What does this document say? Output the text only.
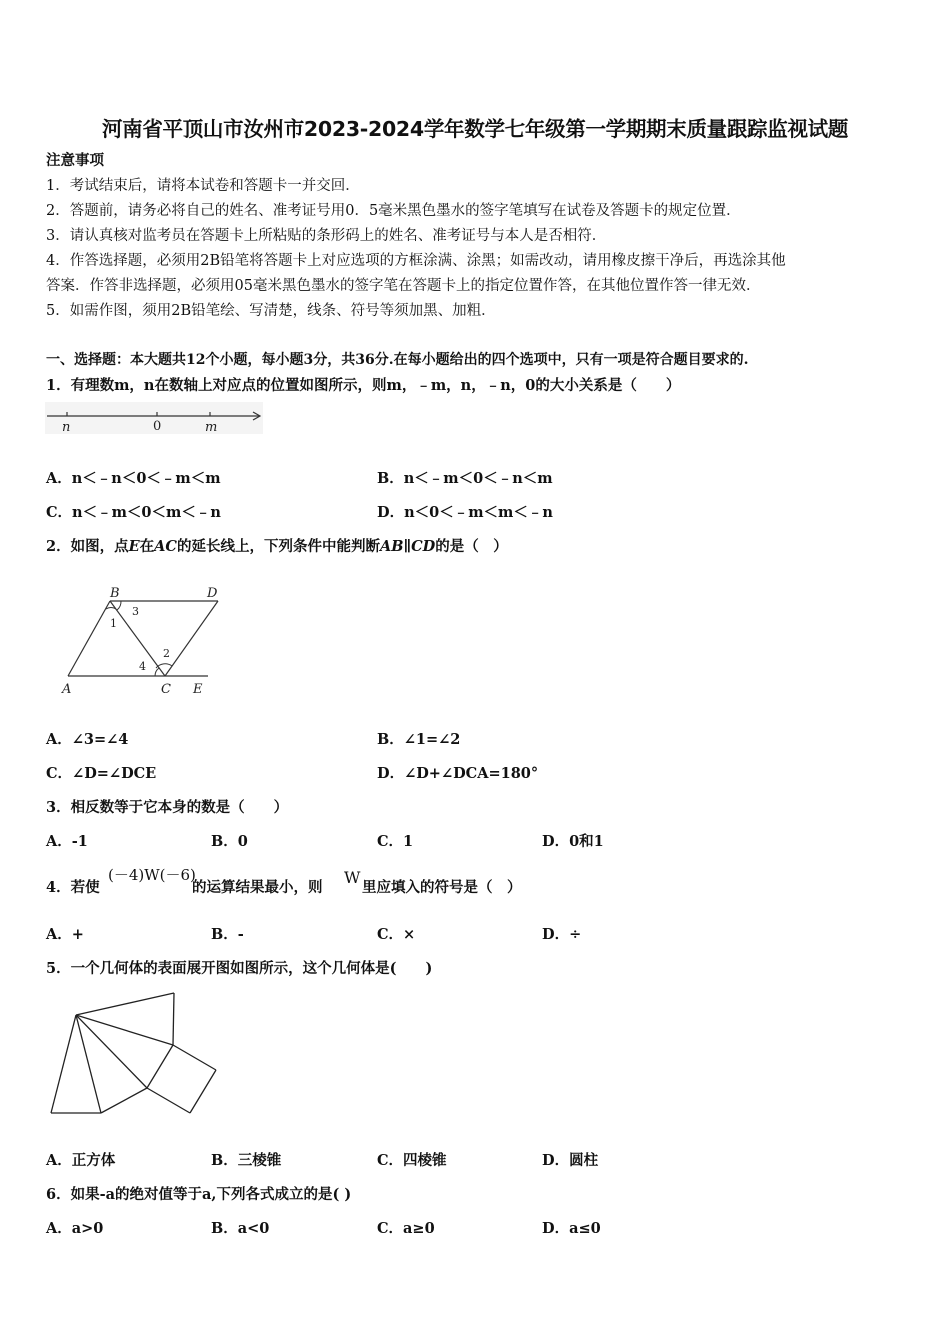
河南省平顶山市汝州市2023-2024学年数学七年级第一学期期末质量跟踪监视试题
注意事项
1．考试结束后，请将本试卷和答题卡一并交回．
2．答题前，请务必将自己的姓名、准考证号用0．5毫米黑色墨水的签字笔填写在试卷及答题卡的规定位置．
3．请认真核对监考员在答题卡上所粘贴的条形码上的姓名、准考证号与本人是否相符．
4．作答选择题，必须用2B铅笔将答题卡上对应选项的方框涂满、涂黑；如需改动，请用橡皮擦干净后，再选涂其他
答案．作答非选择题，必须用05毫米黑色墨水的签字笔在答题卡上的指定位置作答，在其他位置作答一律无效．
5．如需作图，须用2B铅笔绘、写清楚，线条、符号等须加黑、加粗．
一、选择题：本大题共12个小题，每小题3分，共36分.在每小题给出的四个选项中，只有一项是符合题目要求的.
1．有理数m，n在数轴上对应点的位置如图所示，则m，﹣m，n，﹣n，0的大小关系是（　　）
n	0	m
A．n＜﹣n＜0＜﹣m＜m	B．n＜﹣m＜0＜﹣n＜m
C．n＜﹣m＜0＜m＜﹣n	D．n＜0＜﹣m＜m＜﹣n
2．如图，点E在AC的延长线上，下列条件中能判断AB∥CD的是（　）
B	D
A	C E
3
1
2
4
A．∠3=∠4	B．∠1=∠2
C．∠D=∠DCE	D．∠D+∠DCA=180°
3．相反数等于它本身的数是（　　）
A．-1	B．0	C．1	D．0和1
4．若使
(－4)W(－6)
的运算结果最小，则
W
里应填入的符号是（　）
A．+	B．-	C．×	D．÷
5．一个几何体的表面展开图如图所示，这个几何体是(　　)
A．正方体	B．三棱锥	C．四棱锥	D．圆柱
6．如果-a的绝对值等于a,下列各式成立的是( )
A．a>0	B．a<0	C．a≥0	D．a≤0
